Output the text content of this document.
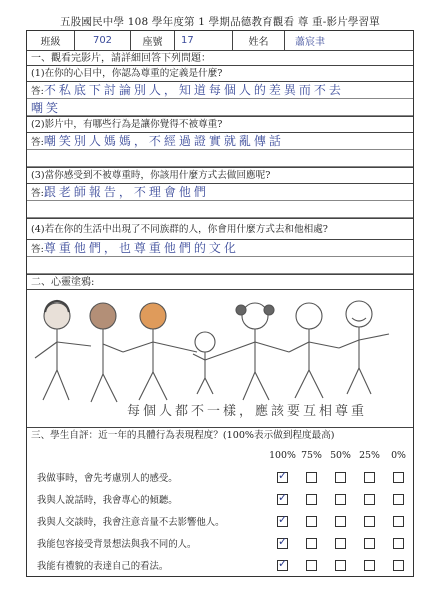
五股國民中學 108 學年度第 1 學期品德教育觀看 尊 重-影片學習單
班級	702	座號	17	姓名	蕭宸聿
一、觀看完影片，請詳細回答下列問題：
(1)在你的心目中，你認為尊重的定義是什麼?
答:不私底下討論別人，知道每個人的差異而不去
嘲笑
(2)影片中，有哪些行為是讓你覺得不被尊重?
答:嘲笑別人媽媽，不經過證實就亂傳話
(3)當你感受到不被尊重時，你該用什麼方式去做回應呢?
答:跟老師報告，不理會他們
(4)若在你的生活中出現了不同族群的人，你會用什麼方式去和他相處?
答:尊重他們，也尊重他們的文化
二、心靈塗鴉:
每個人都不一樣，應該要互相尊重
三、學生自評：近一年的具體行為表現程度？(100%表示做到程度最高)
	100%	75%	50%	25%	0%
我做事時，會先考慮別人的感受。	✓				
我與人說話時，我會專心的傾聽。	✓				
我與人交談時，我會注意音量不去影響他人。	✓				
我能包容接受背景想法與我不同的人。	✓				
我能有禮貌的表達自己的看法。	✓				
